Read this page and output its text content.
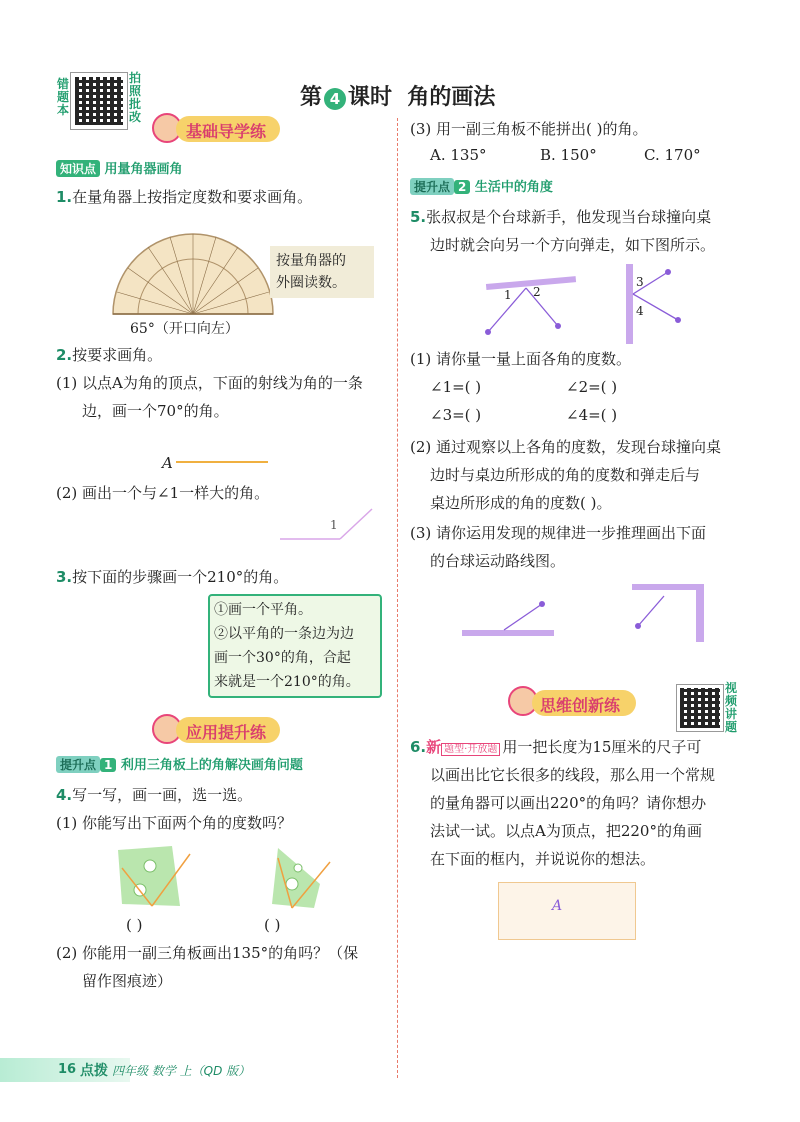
错题本
拍照批改
第 4 课时 角的画法
基础导学练
知识点 用量角器画角
1.在量角器上按指定度数和要求画角。
按量角器的
外圈读数。
65°（开口向左）
2.按要求画角。
(1) 以点A为角的顶点，下面的射线为角的一条
边，画一个70°的角。
A
(2) 画出一个与∠1一样大的角。
1
3.按下面的步骤画一个210°的角。
①画一个平角。
②以平角的一条边为边
画一个30°的角，合起
来就是一个210°的角。
应用提升练
提升点 1 利用三角板上的角解决画角问题
4.写一写，画一画，选一选。
(1) 你能写出下面两个角的度数吗？
( )	( )
(2) 你能用一副三角板画出135°的角吗？（保
留作图痕迹）
(3) 用一副三角板不能拼出( )的角。
A. 135°	B. 150°	C. 170°
提升点 2 生活中的角度
5.张叔叔是个台球新手，他发现当台球撞向桌
边时就会向另一个方向弹走，如下图所示。
1 2
3
4
(1) 请你量一量上面各角的度数。
∠1=( )	∠2=( )
∠3=( )	∠4=( )
(2) 通过观察以上各角的度数，发现台球撞向桌
边时与桌边所形成的角的度数和弹走后与
桌边所形成的角的度数( )。
(3) 请你运用发现的规律进一步推理画出下面
的台球运动路线图。
思维创新练
视频讲题
6.新 题型·开放题 用一把长度为15厘米的尺子可
以画出比它长很多的线段，那么用一个常规
的量角器可以画出220°的角吗？请你想办
法试一试。以点A为顶点，把220°的角画
在下面的框内，并说说你的想法。
A
16 点拨 四年级 数学 上（QD 版）
